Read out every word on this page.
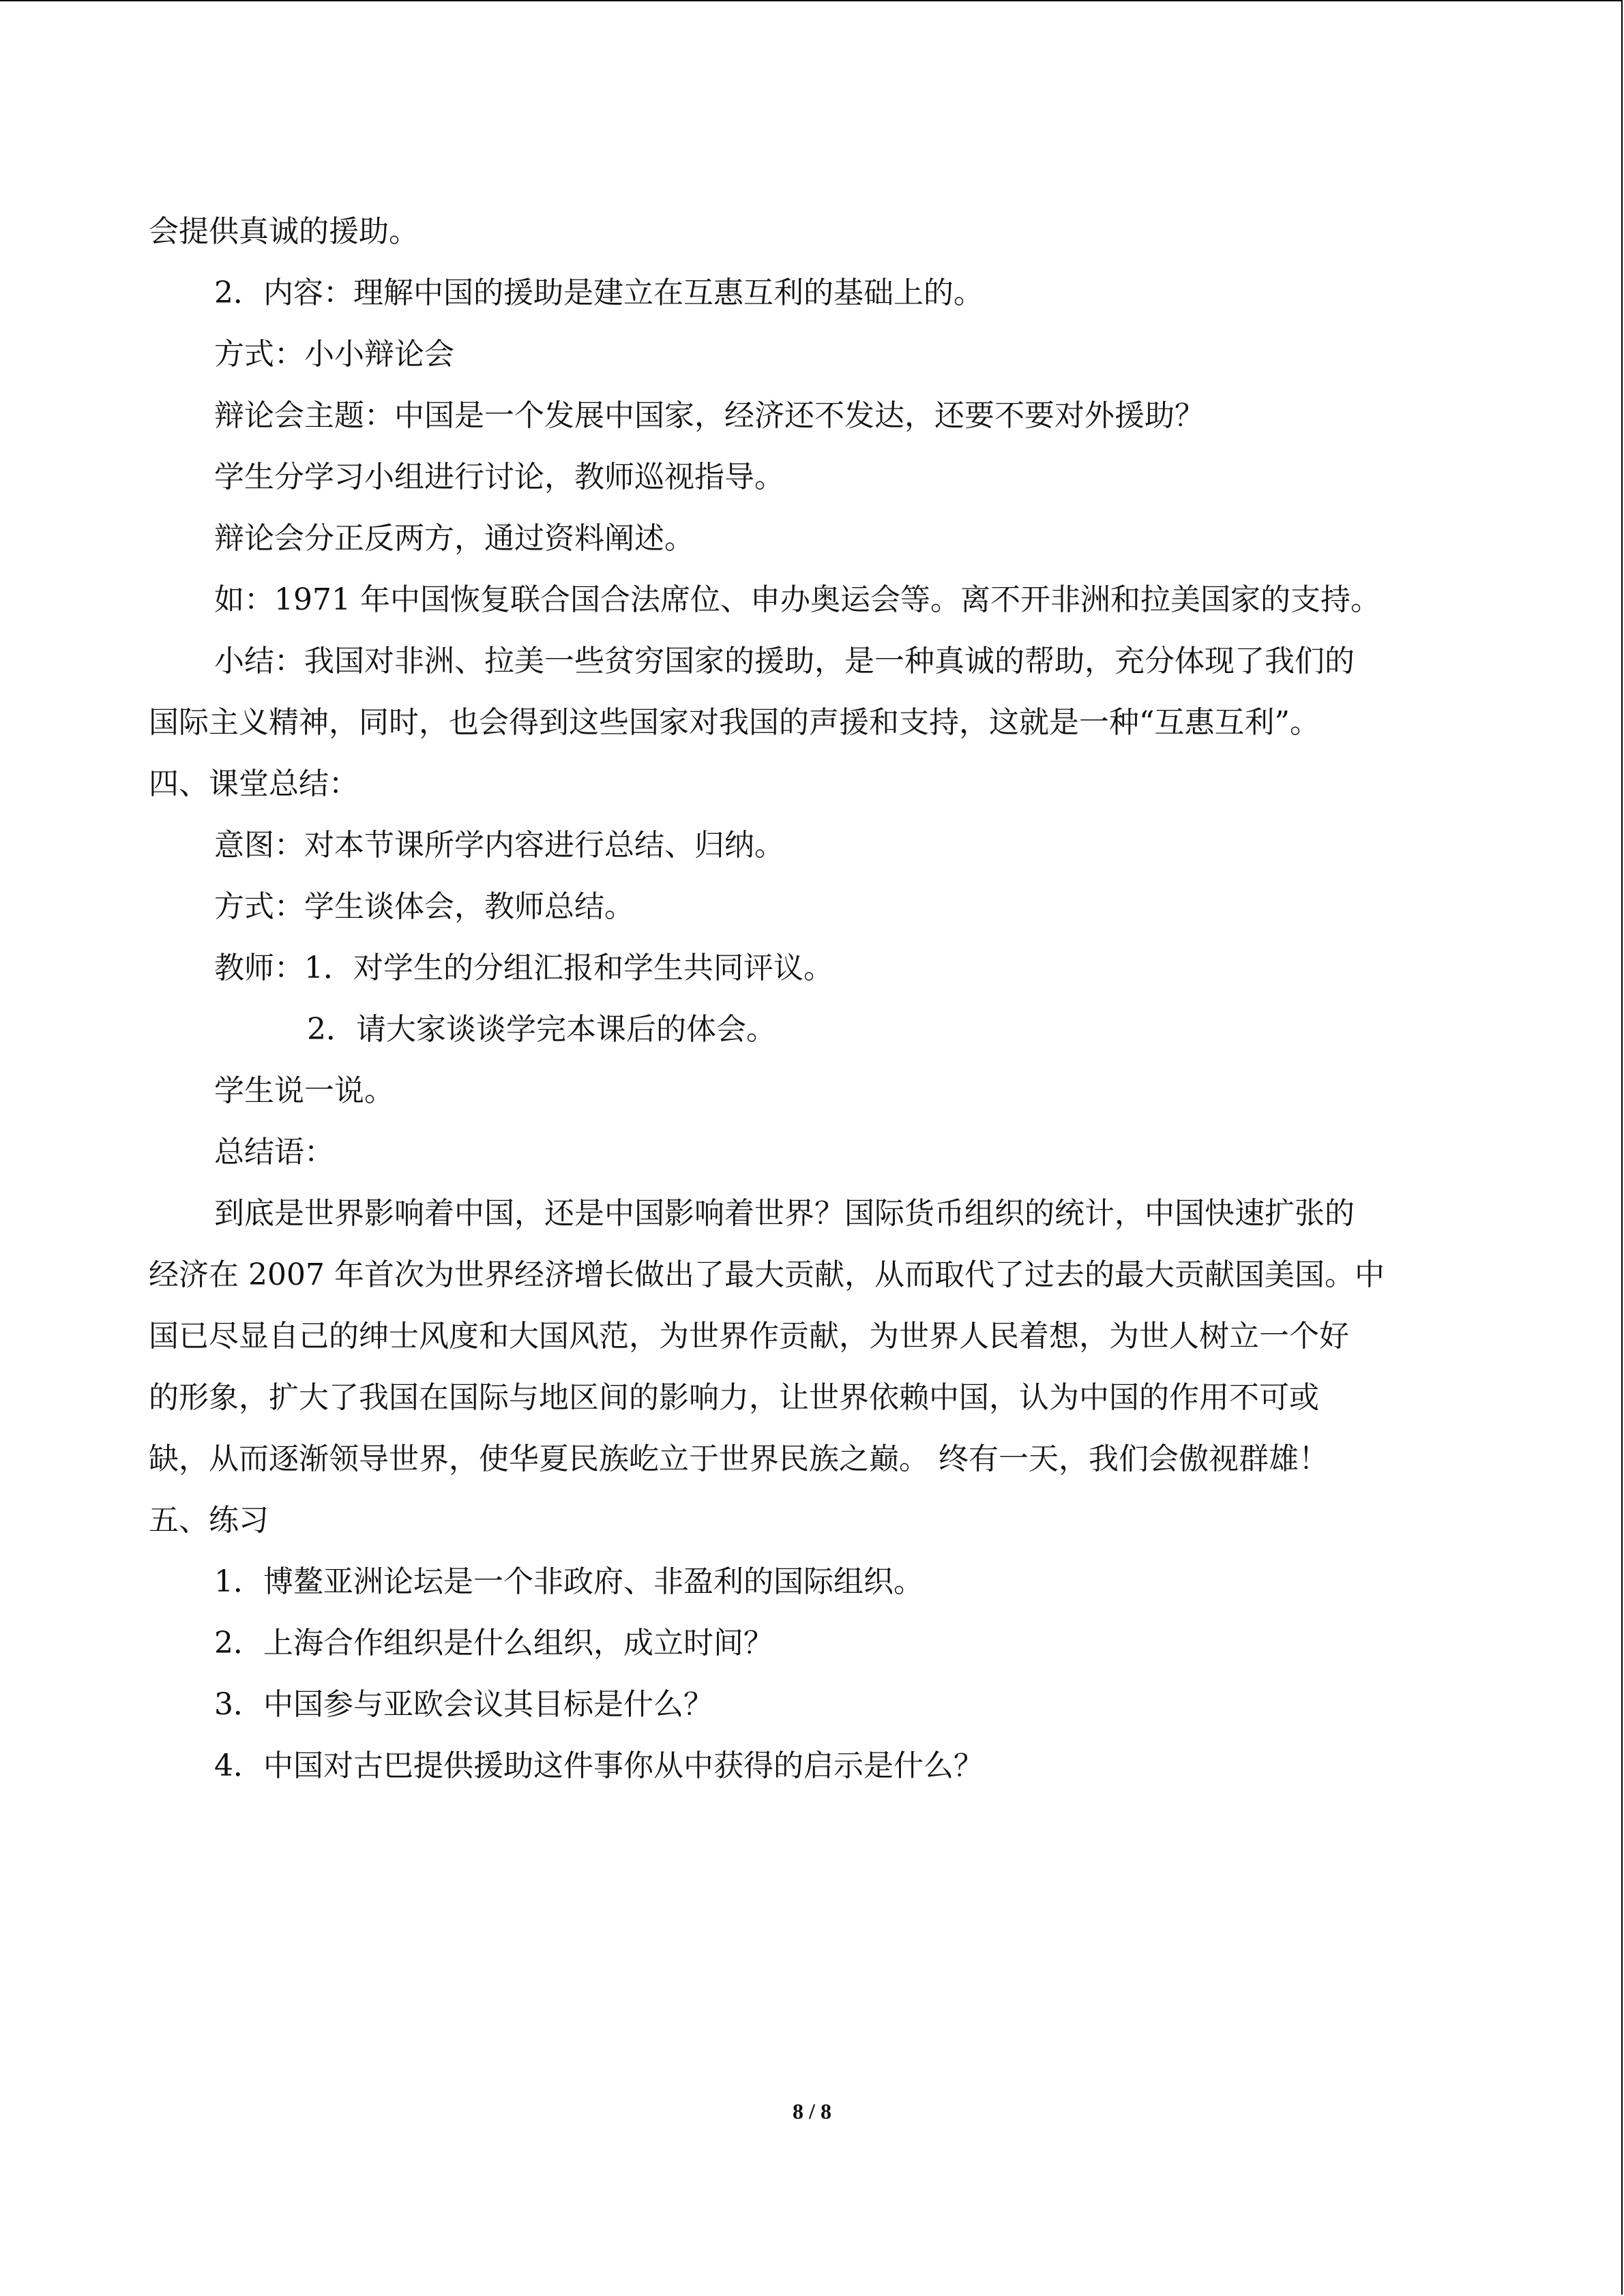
会提供真诚的援助。
2．内容：理解中国的援助是建立在互惠互利的基础上的。
方式：小小辩论会
辩论会主题：中国是一个发展中国家，经济还不发达，还要不要对外援助？
学生分学习小组进行讨论，教师巡视指导。
辩论会分正反两方，通过资料阐述。
如：1971 年中国恢复联合国合法席位、申办奥运会等。离不开非洲和拉美国家的支持。
小结：我国对非洲、拉美一些贫穷国家的援助，是一种真诚的帮助，充分体现了我们的
国际主义精神，同时，也会得到这些国家对我国的声援和支持，这就是一种“互惠互利”。
四、课堂总结：
意图：对本节课所学内容进行总结、归纳。
方式：学生谈体会，教师总结。
教师：1．对学生的分组汇报和学生共同评议。
2．请大家谈谈学完本课后的体会。
学生说一说。
总结语：
到底是世界影响着中国，还是中国影响着世界？国际货币组织的统计，中国快速扩张的
经济在 2007 年首次为世界经济增长做出了最大贡献，从而取代了过去的最大贡献国美国。中
国已尽显自己的绅士风度和大国风范，为世界作贡献，为世界人民着想，为世人树立一个好
的形象，扩大了我国在国际与地区间的影响力，让世界依赖中国，认为中国的作用不可或
缺，从而逐渐领导世界，使华夏民族屹立于世界民族之巅。 终有一天，我们会傲视群雄！
五、练习
1．博鳌亚洲论坛是一个非政府、非盈利的国际组织。
2．上海合作组织是什么组织，成立时间？
3．中国参与亚欧会议其目标是什么？
4．中国对古巴提供援助这件事你从中获得的启示是什么？
8 / 8
